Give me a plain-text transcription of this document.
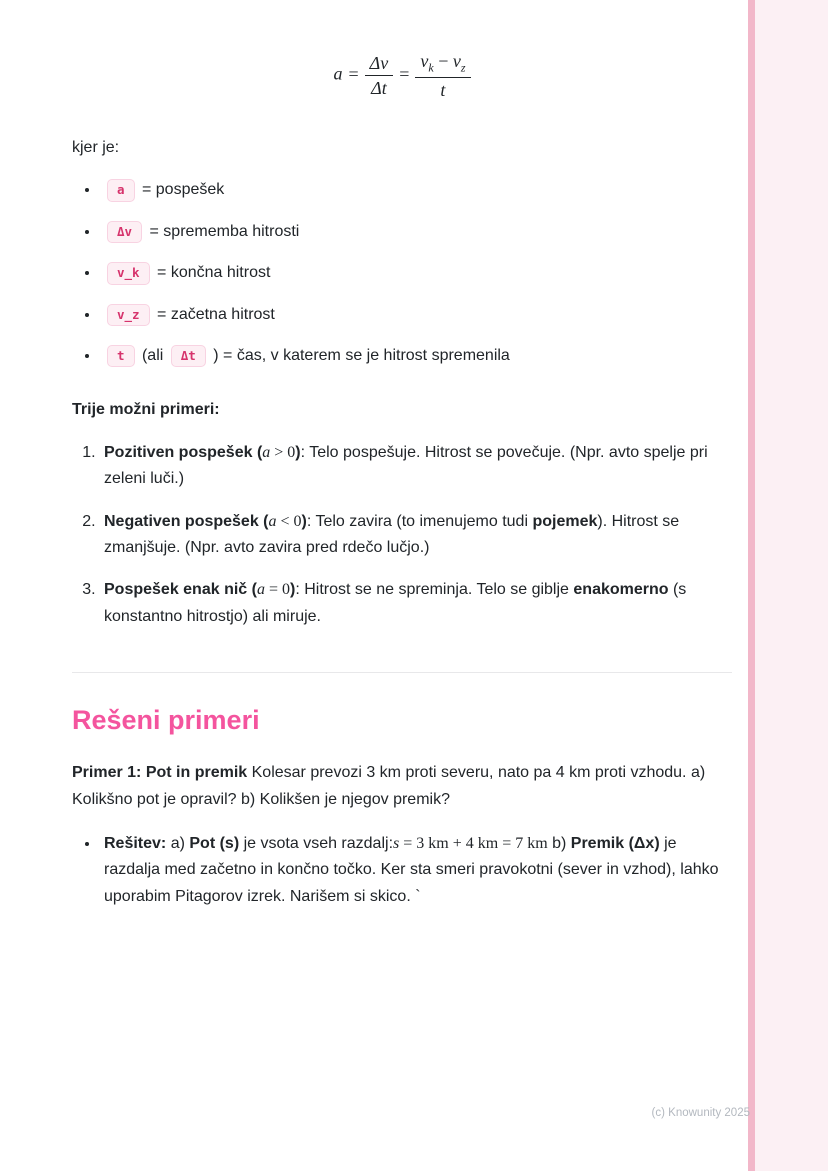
$a = \frac{\Delta v}{\Delta t} = \frac{v_k - v_z}{t}$

kjer je:

• a = pospešek
• Δv = sprememba hitrosti
• v_k = končna hitrost
• v_z = začetna hitrost
• t (ali Δt ) = čas, v katerem se je hitrost spremenila

Trije možni primeri:

1. Pozitiven pospešek (a > 0): Telo pospešuje. Hitrost se povečuje. (Npr. avto spelje pri zeleni luči.)
2. Negativen pospešek (a < 0): Telo zavira (to imenujemo tudi pojemek). Hitrost se zmanjšuje. (Npr. avto zavira pred rdečo lučjo.)
3. Pospešek enak nič (a = 0): Hitrost se ne spreminja. Telo se giblje enakomerno (s konstantno hitrostjo) ali miruje.
Rešeni primeri

Primer 1: Pot in premik Kolesar prevozi 3 km proti severu, nato pa 4 km proti vzhodu. a) Kolikšno pot je opravil? b) Kolikšen je njegov premik?

• Rešitev: a) Pot (s) je vsota vseh razdalj:s = 3 km + 4 km = 7 km b) Premik (Δx) je razdalja med začetno in končno točko. Ker sta smeri pravokotni (sever in vzhod), lahko uporabim Pitagorov izrek. Narišem si skico. `
(c) Knowunity 2025
